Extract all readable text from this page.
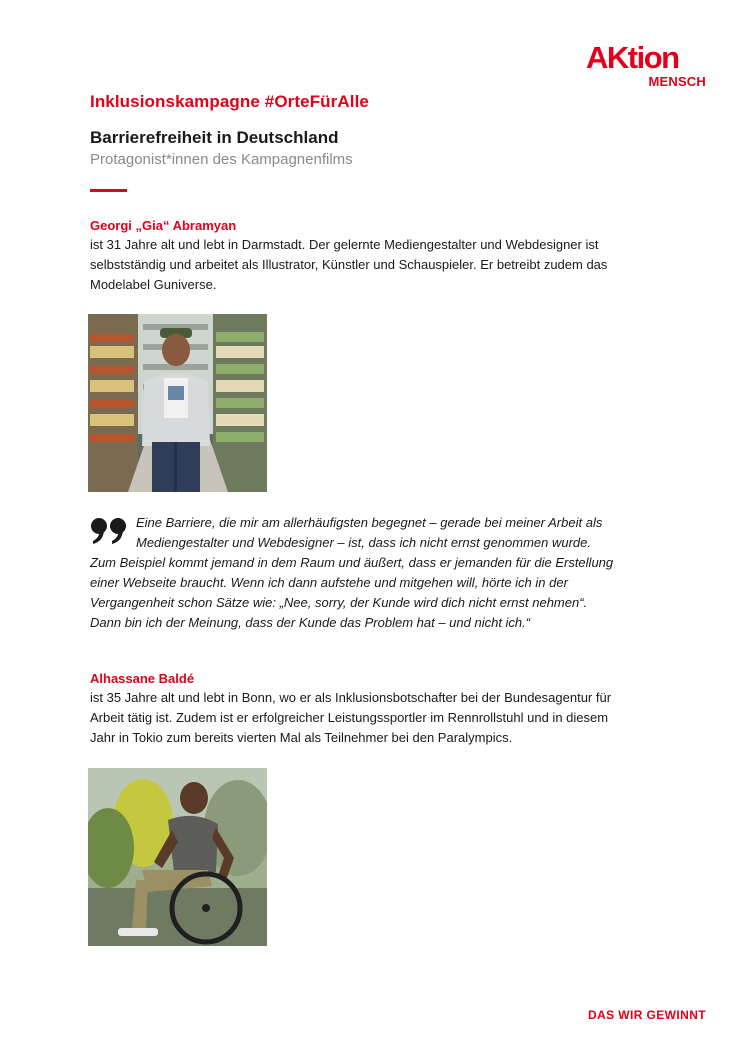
AKtion
MENSCH
Inklusionskampagne #OrteFürAlle
Barrierefreiheit in Deutschland
Protagonist*innen des Kampagnenfilms
Georgi „Gia“ Abramyan
ist 31 Jahre alt und lebt in Darmstadt. Der gelernte Mediengestalter und Webdesigner ist selbstständig und arbeitet als Illustrator, Künstler und Schauspieler. Er betreibt zudem das Modelabel Guniverse.
Eine Barriere, die mir am allerhäufigsten begegnet – gerade bei meiner Arbeit als Mediengestalter und Webdesigner – ist, dass ich nicht ernst genommen wurde. Zum Beispiel kommt jemand in dem Raum und äußert, dass er jemanden für die Erstellung einer Webseite braucht. Wenn ich dann aufstehe und mitgehen will, hörte ich in der Vergangenheit schon Sätze wie: „Nee, sorry, der Kunde wird dich nicht ernst nehmen“. Dann bin ich der Meinung, dass der Kunde das Problem hat – und nicht ich.“
Alhassane Baldé
ist 35 Jahre alt und lebt in Bonn, wo er als Inklusionsbotschafter bei der Bundesagentur für Arbeit tätig ist. Zudem ist er erfolgreicher Leistungssportler im Rennrollstuhl und in diesem Jahr in Tokio zum bereits vierten Mal als Teilnehmer bei den Paralympics.
DAS WIR GEWINNT
